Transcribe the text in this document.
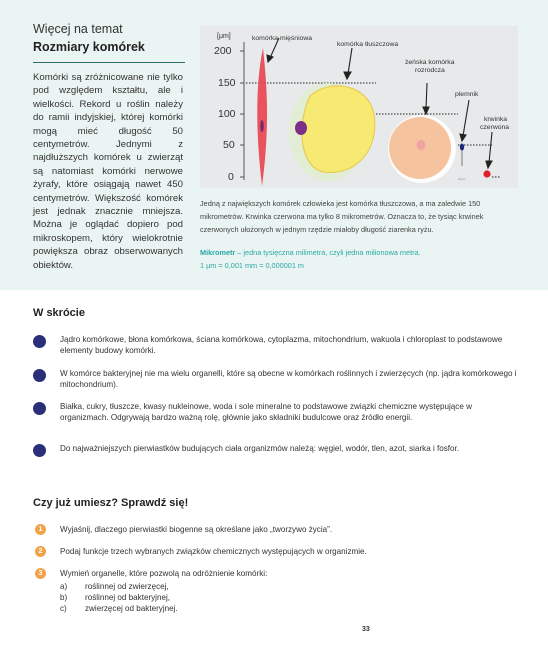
Więcej na temat
Rozmiary komórek
Komórki są zróżnicowane nie tylko pod względem kształtu, ale i wielkości. Rekord u roślin należy do ramii indyjskiej, której komórki mogą mieć długość 50 centymetrów. Jednymi z najdłuższych komórek u zwierząt są natomiast komórki nerwowe żyrafy, które osiągają nawet 450 centymetrów. Większość komórek jest jednak znacznie mniejsza. Można je oglądać dopiero pod mikroskopem, który wielokrotnie powiększa obraz obserwowanych obiektów.
[μm]
200
150
100
50
0	20 μm
komórka mięśniowa
komórka tłuszczowa
żeńska komórka rozrodcza
plemnik
krwinka czerwona
Jedną z największych komórek człowieka jest komórka tłuszczowa, a ma zaledwie 150 mikrometrów. Krwinka czerwona ma tylko 8 mikrometrów. Oznacza to, że tysiąc krwinek czerwonych ułożonych w jednym rzędzie miałoby długość ziarenka ryżu.
Mikrometr – jedna tysięczna milimetra, czyli jedna milionowa metra.
1 μm = 0,001 mm = 0,000001 m
W skrócie
Jądro komórkowe, błona komórkowa, ściana komórkowa, cytoplazma, mitochondrium, wakuola i chloroplast to podstawowe elementy budowy komórki.
W komórce bakteryjnej nie ma wielu organelli, które są obecne w komórkach roślinnych i zwierzęcych (np. jądra komórkowego i mitochondrium).
Białka, cukry, tłuszcze, kwasy nukleinowe, woda i sole mineralne to podstawowe związki chemiczne występujące w organizmach. Odgrywają bardzo ważną rolę, głównie jako składniki budulcowe oraz źródło energii.
Do najważniejszych pierwiastków budujących ciała organizmów należą: węgiel, wodór, tlen, azot, siarka i fosfor.
Czy już umiesz? Sprawdź się!
1	Wyjaśnij, dlaczego pierwiastki biogenne są określane jako „tworzywo życia”.
2	Podaj funkcje trzech wybranych związków chemicznych występujących w organizmie.
3	Wymień organelle, które pozwolą na odróżnienie komórki:
a) roślinnej od zwierzęcej,
b) roślinnej od bakteryjnej,
c) zwierzęcej od bakteryjnej.
33
